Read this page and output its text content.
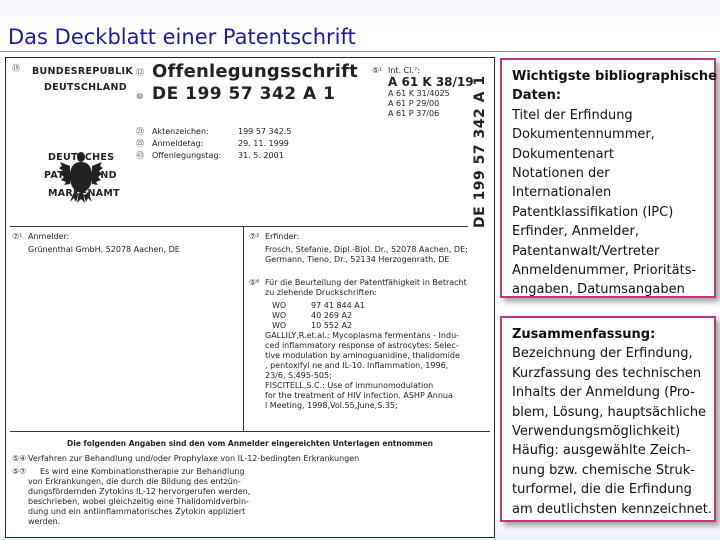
Das Deckblatt einer Patentschrift
⑲ BUNDESREPUBLIK
DEUTSCHLAND
DEUTSCHES
PATENT- UND
MARKENAMT
⑫ Offenlegungsschrift
⑩ DE 199 57 342 A 1
⑤¹ Int. Cl.⁷:
A 61 K 38/19
A 61 K 31/4025
A 61 P 29/00
A 61 P 37/06 DE 199 57 342 A 1
㉑ Aktenzeichen:	199 57 342.5
㉒ Anmeldetag:	29. 11. 1999
㊸ Offenlegungstag: 31. 5. 2001
⑦¹ Anmelder:
Grünenthal GmbH, 52078 Aachen, DE
⑦² Erfinder:
Frosch, Stefanie, Dipl.-Biol. Dr., 52078 Aachen, DE;
Germann, Tieno, Dr., 52134 Herzogenrath, DE
⑤⁶ Für die Beurteilung der Patentfähigkeit in Betracht
zu ziehende Druckschriften:
WO	97 41 844 A1
WO	40 269 A2
WO	10 552 A2
GALLILY,R.et.al.: Mycoplasma fermentans - Indu-
ced inflammatory response of astrocytes: Selec-
tive modulation by aminoguanidine, thalidomide
, pentoxifyl ne and IL-10. Inflammation, 1996,
23/6, S.495-505;
FISCITELL,S.C.: Use of immunomodulation
for the treatment of HIV infection. ASHP Annua
l Meeting, 1998,Vol.55,June,S.35;
Die folgenden Angaben sind den vom Anmelder eingereichten Unterlagen entnommen
⑤④ Verfahren zur Behandlung und/oder Prophylaxe von IL-12-bedingten Erkrankungen
⑤⑦ Es wird eine Kombinationstherapie zur Behandlung
von Erkrankungen, die durch die Bildung des entzün-
dungsfördernden Zytokins IL-12 hervorgerufen werden,
beschrieben, wobei gleichzeitig eine Thalidomidverbin-
dung und ein antiinflammatorisches Zytokin appliziert
werden.
Wichtigste bibliographische
Daten:
Titel der Erfindung
Dokumentennummer,
Dokumentenart
Notationen der
Internationalen
Patentklassifikation (IPC)
Erfinder, Anmelder,
Patentanwalt/Vertreter
Anmeldenummer, Prioritäts-
angaben, Datumsangaben
Zusammenfassung:
Bezeichnung der Erfindung,
Kurzfassung des technischen
Inhalts der Anmeldung (Pro-
blem, Lösung, hauptsächliche
Verwendungsmöglichkeit)
Häufig: ausgewählte Zeich-
nung bzw. chemische Struk-
turformel, die die Erfindung
am deutlichsten kennzeichnet.
